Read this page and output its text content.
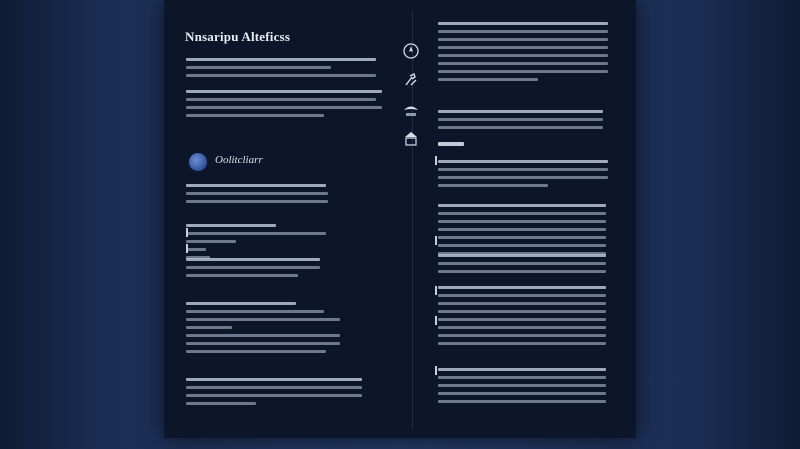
Nnsaripu Alteficss
Oolitcliarr
